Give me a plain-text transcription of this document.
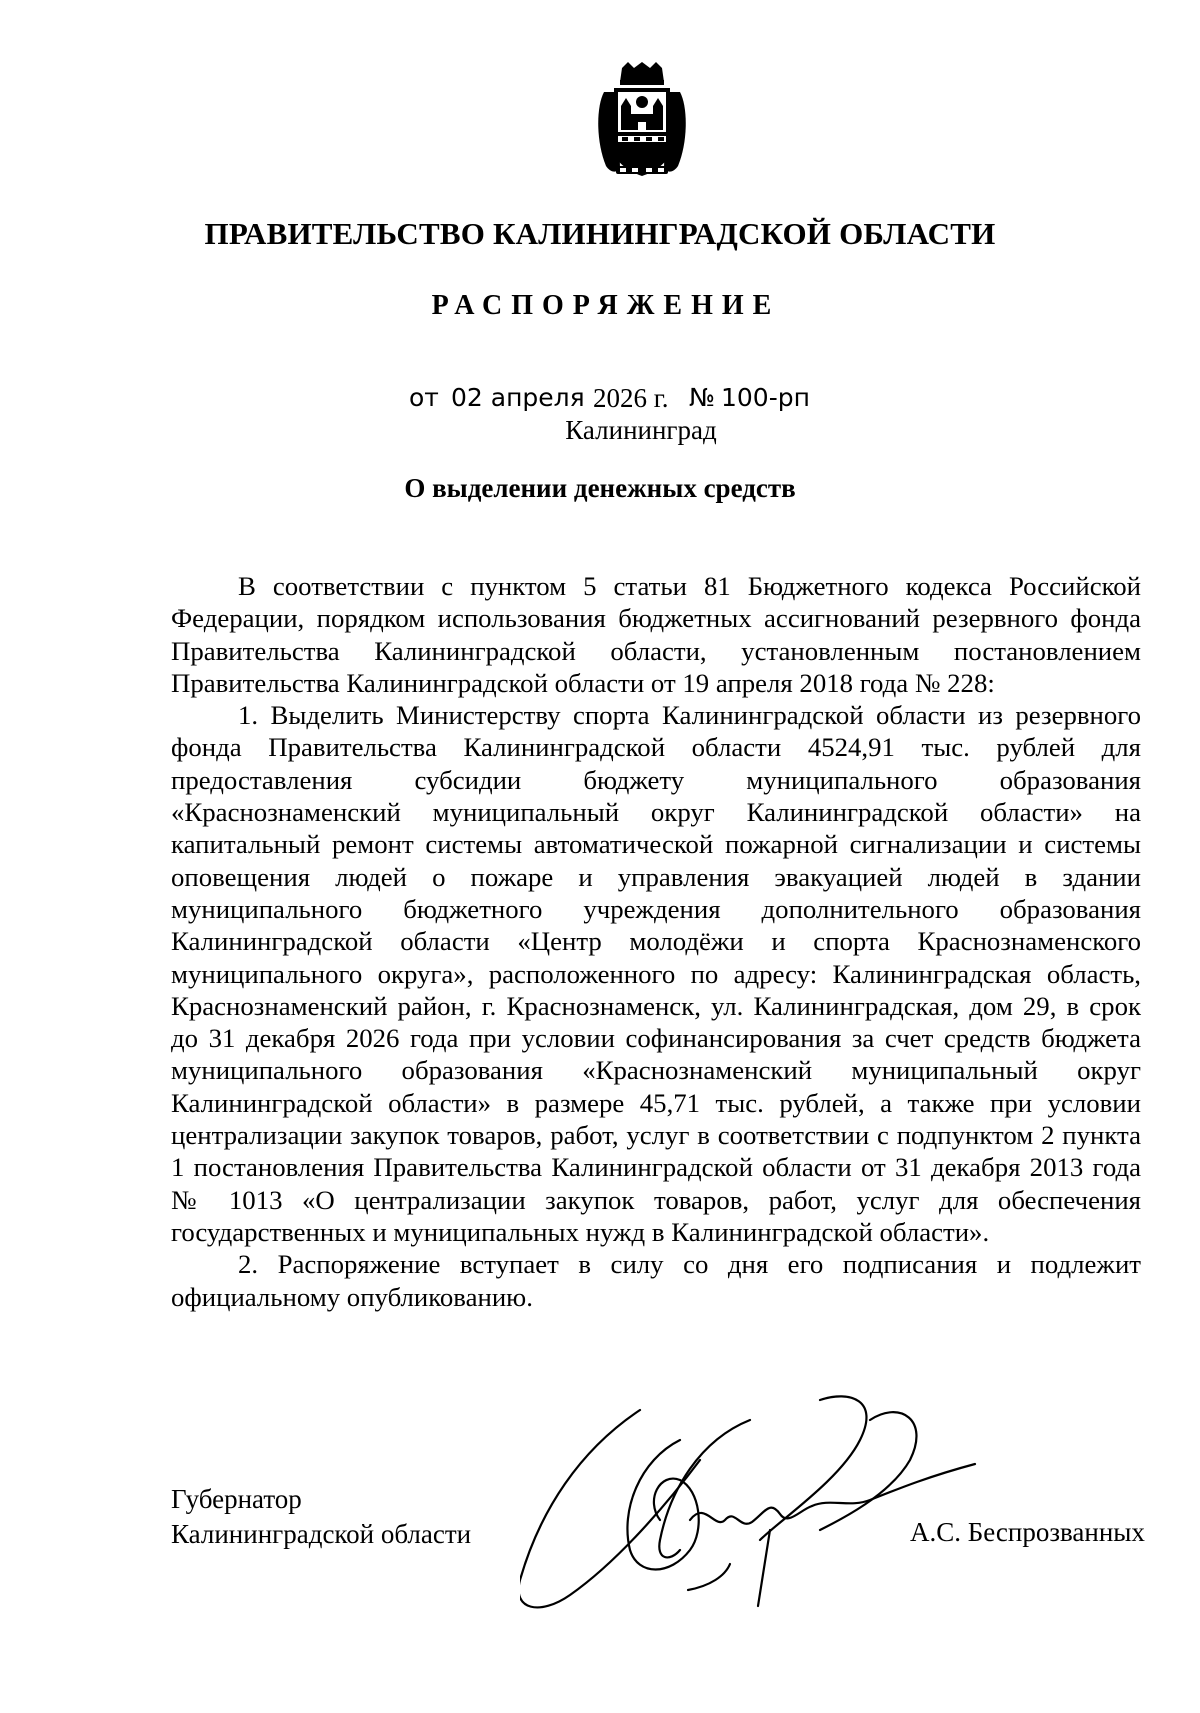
ПРАВИТЕЛЬСТВО КАЛИНИНГРАДСКОЙ ОБЛАСТИ
РАСПОРЯЖЕНИЕ
от 02 апреля 2026 г. № 100-рп
Калининград
О выделении денежных средств

В соответствии с пунктом 5 статьи 81 Бюджетного кодекса Российской Федерации, порядком использования бюджетных ассигнований резервного фонда Правительства Калининградской области, установленным постановлением Правительства Калининградской области от 19 апреля 2018 года № 228:

1. Выделить Министерству спорта Калининградской области из резервного фонда Правительства Калининградской области 4524,91 тыс. рублей для предоставления субсидии бюджету муниципального образования «Краснознаменский муниципальный округ Калининградской области» на капитальный ремонт системы автоматической пожарной сигнализации и системы оповещения людей о пожаре и управления эвакуацией людей в здании муниципального бюджетного учреждения дополнительного образования Калининградской области «Центр молодёжи и спорта Краснознаменского муниципального округа», расположенного по адресу: Калининградская область, Краснознаменский район, г. Краснознаменск, ул. Калининградская, дом 29, в срок до 31 декабря 2026 года при условии софинансирования за счет средств бюджета муниципального образования «Краснознаменский муниципальный округ Калининградской области» в размере 45,71 тыс. рублей, а также при условии централизации закупок товаров, работ, услуг в соответствии с подпунктом 2 пункта 1 постановления Правительства Калининградской области от 31 декабря 2013 года № 1013 «О централизации закупок товаров, работ, услуг для обеспечения государственных и муниципальных нужд в Калининградской области».

2. Распоряжение вступает в силу со дня его подписания и подлежит официальному опубликованию.

Губернатор
Калининградской области	А.С. Беспрозванных
